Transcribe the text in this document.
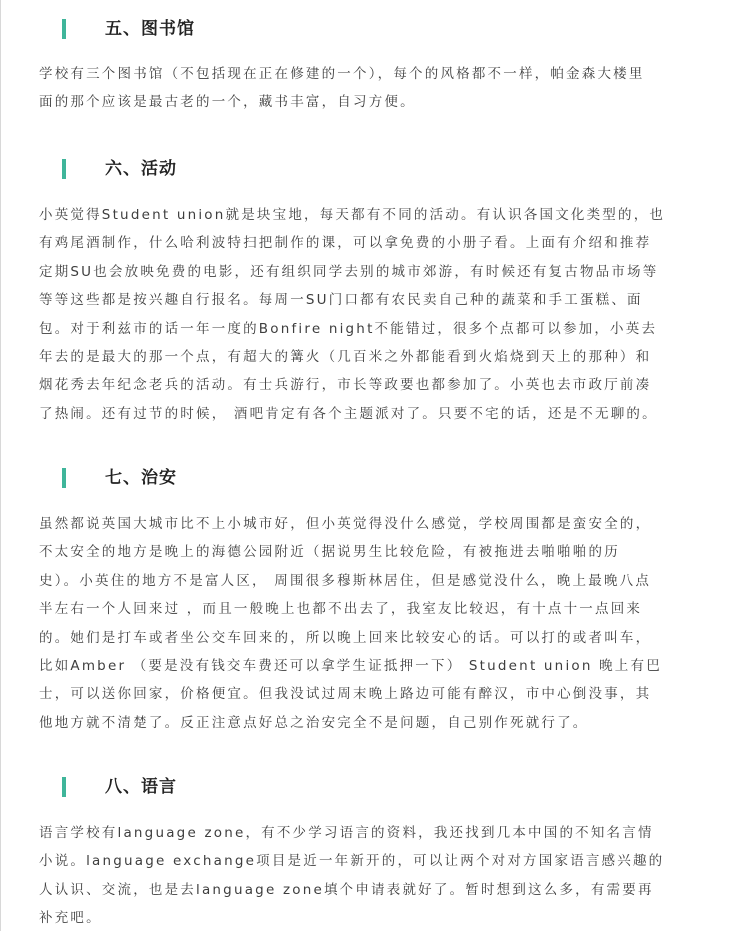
五、图书馆

学校有三个图书馆（不包括现在正在修建的一个），每个的风格都不一样，帕金森大楼里
面的那个应该是最古老的一个，藏书丰富，自习方便。

六、活动

小英觉得Student union就是块宝地，每天都有不同的活动。有认识各国文化类型的，也
有鸡尾酒制作，什么哈利波特扫把制作的课，可以拿免费的小册子看。上面有介绍和推荐
定期SU也会放映免费的电影，还有组织同学去别的城市郊游，有时候还有复古物品市场等
等等这些都是按兴趣自行报名。每周一SU门口都有农民卖自己种的蔬菜和手工蛋糕、面
包。对于利兹市的话一年一度的Bonfire night不能错过，很多个点都可以参加，小英去
年去的是最大的那一个点，有超大的篝火（几百米之外都能看到火焰烧到天上的那种）和
烟花秀去年纪念老兵的活动。有士兵游行，市长等政要也都参加了。小英也去市政厅前凑
了热闹。还有过节的时候， 酒吧肯定有各个主题派对了。只要不宅的话，还是不无聊的。

七、治安

虽然都说英国大城市比不上小城市好，但小英觉得没什么感觉，学校周围都是蛮安全的，
不太安全的地方是晚上的海德公园附近（据说男生比较危险，有被拖进去啪啪啪的历
史）。小英住的地方不是富人区， 周围很多穆斯林居住，但是感觉没什么，晚上最晚八点
半左右一个人回来过 ，而且一般晚上也都不出去了，我室友比较迟，有十点十一点回来
的。她们是打车或者坐公交车回来的，所以晚上回来比较安心的话。可以打的或者叫车，
比如Amber （要是没有钱交车费还可以拿学生证抵押一下） Student union 晚上有巴
士，可以送你回家，价格便宜。但我没试过周末晚上路边可能有醉汉，市中心倒没事，其
他地方就不清楚了。反正注意点好总之治安完全不是问题，自己别作死就行了。

八、语言

语言学校有language zone，有不少学习语言的资料，我还找到几本中国的不知名言情
小说。language exchange项目是近一年新开的，可以让两个对对方国家语言感兴趣的
人认识、交流，也是去language zone填个申请表就好了。暂时想到这么多，有需要再
补充吧。
